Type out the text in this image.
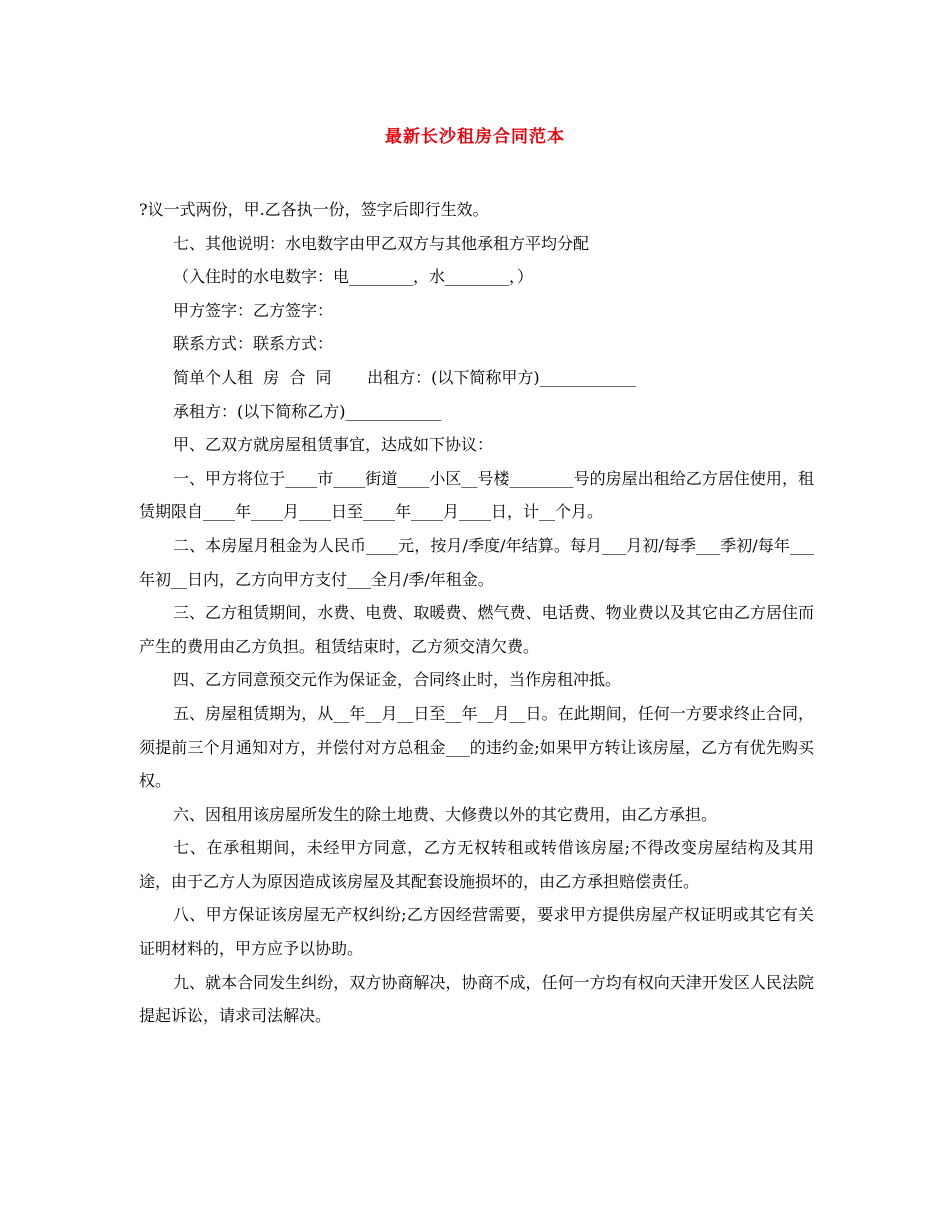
最新长沙租房合同范本

?议一式两份，甲.乙各执一份，签字后即行生效。

七、其他说明：水电数字由甲乙双方与其他承租方平均分配

（入住时的水电数字：电________，水________，）

甲方签字：乙方签字：

联系方式：联系方式：

简单个人租  房  合  同       出租方：(以下简称甲方)____________

承租方：(以下简称乙方)____________

甲、乙双方就房屋租赁事宜，达成如下协议：

一、甲方将位于____市____街道____小区__号楼________号的房屋出租给乙方居住使用，租赁期限自____年____月____日至____年____月____日，计__个月。

二、本房屋月租金为人民币____元，按月/季度/年结算。每月___月初/每季___季初/每年___年初__日内，乙方向甲方支付___全月/季/年租金。

三、乙方租赁期间，水费、电费、取暖费、燃气费、电话费、物业费以及其它由乙方居住而产生的费用由乙方负担。租赁结束时，乙方须交清欠费。

四、乙方同意预交元作为保证金，合同终止时，当作房租冲抵。

五、房屋租赁期为，从__年__月__日至__年__月__日。在此期间，任何一方要求终止合同，须提前三个月通知对方，并偿付对方总租金___的违约金;如果甲方转让该房屋，乙方有优先购买权。

六、因租用该房屋所发生的除土地费、大修费以外的其它费用，由乙方承担。

七、在承租期间，未经甲方同意，乙方无权转租或转借该房屋;不得改变房屋结构及其用途，由于乙方人为原因造成该房屋及其配套设施损坏的，由乙方承担赔偿责任。

八、甲方保证该房屋无产权纠纷;乙方因经营需要，要求甲方提供房屋产权证明或其它有关证明材料的，甲方应予以协助。

九、就本合同发生纠纷，双方协商解决，协商不成，任何一方均有权向天津开发区人民法院提起诉讼，请求司法解决。
